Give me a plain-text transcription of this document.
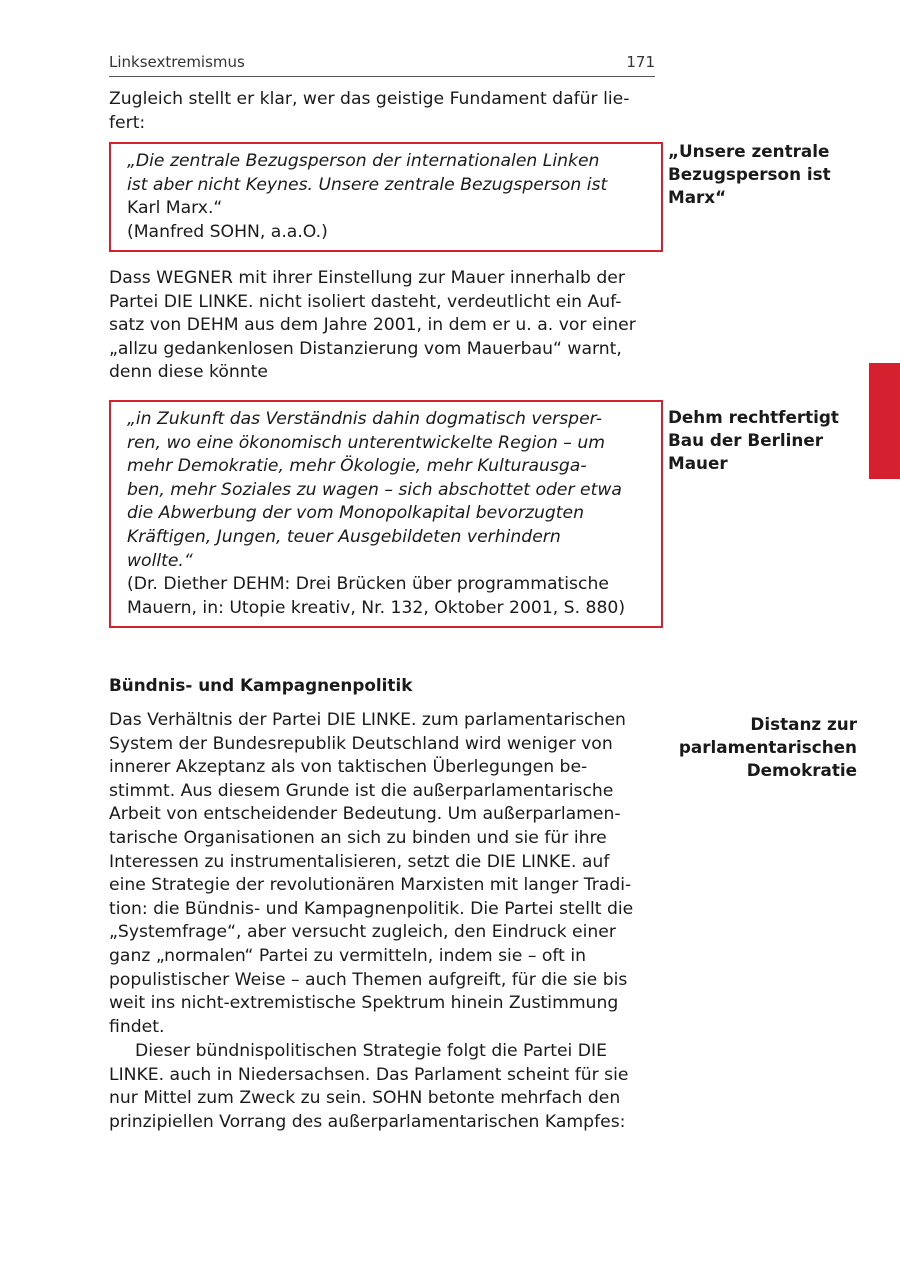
Linksextremismus	171
Zugleich stellt er klar, wer das geistige Fundament dafür lie-
fert:
„Die zentrale Bezugsperson der internationalen Linken
ist aber nicht Keynes. Unsere zentrale Bezugsperson ist
Karl Marx.“
(Manfred SOHN, a.a.O.)
„Unsere zentrale
Bezugsperson ist
Marx“
Dass WEGNER mit ihrer Einstellung zur Mauer innerhalb der
Partei DIE LINKE. nicht isoliert dasteht, verdeutlicht ein Auf-
satz von DEHM aus dem Jahre 2001, in dem er u. a. vor einer
„allzu gedankenlosen Distanzierung vom Mauerbau“ warnt,
denn diese könnte
„in Zukunft das Verständnis dahin dogmatisch versper-
ren, wo eine ökonomisch unterentwickelte Region – um
mehr Demokratie, mehr Ökologie, mehr Kulturausga-
ben, mehr Soziales zu wagen – sich abschottet oder etwa
die Abwerbung der vom Monopolkapital bevorzugten
Kräftigen, Jungen, teuer Ausgebildeten verhindern
wollte.“
(Dr. Diether DEHM: Drei Brücken über programmatische
Mauern, in: Utopie kreativ, Nr. 132, Oktober 2001, S. 880)
Dehm rechtfertigt
Bau der Berliner
Mauer
Bündnis- und Kampagnenpolitik
Distanz zur
parlamentarischen
Demokratie
Das Verhältnis der Partei DIE LINKE. zum parlamentarischen
System der Bundesrepublik Deutschland wird weniger von
innerer Akzeptanz als von taktischen Überlegungen be-
stimmt. Aus diesem Grunde ist die außerparlamentarische
Arbeit von entscheidender Bedeutung. Um außerparlamen-
tarische Organisationen an sich zu binden und sie für ihre
Interessen zu instrumentalisieren, setzt die DIE LINKE. auf
eine Strategie der revolutionären Marxisten mit langer Tradi-
tion: die Bündnis- und Kampagnenpolitik. Die Partei stellt die
„Systemfrage“, aber versucht zugleich, den Eindruck einer
ganz „normalen“ Partei zu vermitteln, indem sie – oft in
populistischer Weise – auch Themen aufgreift, für die sie bis
weit ins nicht-extremistische Spektrum hinein Zustimmung
findet.
Dieser bündnispolitischen Strategie folgt die Partei DIE
LINKE. auch in Niedersachsen. Das Parlament scheint für sie
nur Mittel zum Zweck zu sein. SOHN betonte mehrfach den
prinzipiellen Vorrang des außerparlamentarischen Kampfes:
